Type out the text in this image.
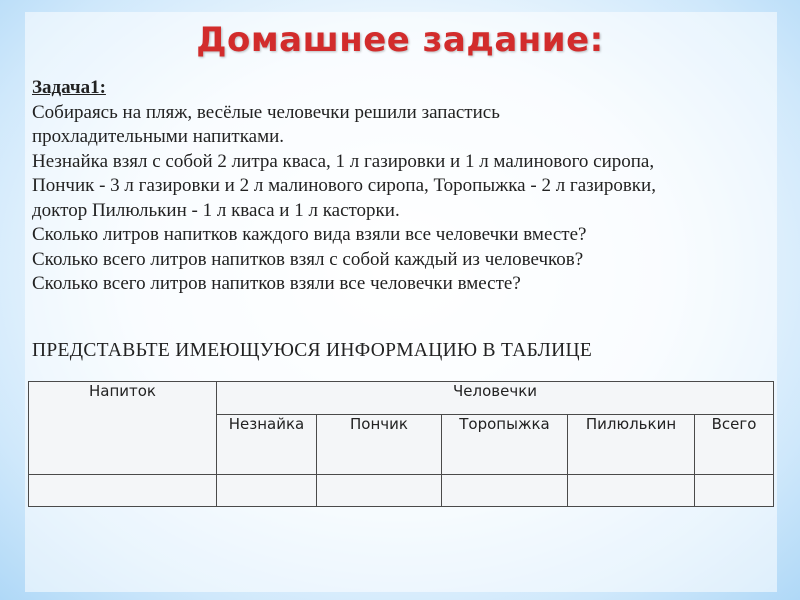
Домашнее задание:
Задача1:

Собираясь на пляж, весёлые человечки решили запастись

прохладительными напитками.

Незнайка взял с собой 2 литра кваса, 1 л газировки и 1 л малинового сиропа,

Пончик - 3 л газировки и 2 л малинового сиропа, Торопыжка - 2 л газировки,

доктор Пилюлькин - 1 л кваса и 1 л касторки.

Сколько литров напитков каждого вида взяли все человечки вместе?

Сколько всего литров напитков взял с собой каждый из человечков?

Сколько всего литров напитков взяли все человечки вместе?

ПРЕДСТАВЬТЕ ИМЕЮЩУЮСЯ ИНФОРМАЦИЮ В ТАБЛИЦЕ
Напиток	Человечки				
	Незнайка	Пончик	Торопыжка	Пилюлькин	Всего
